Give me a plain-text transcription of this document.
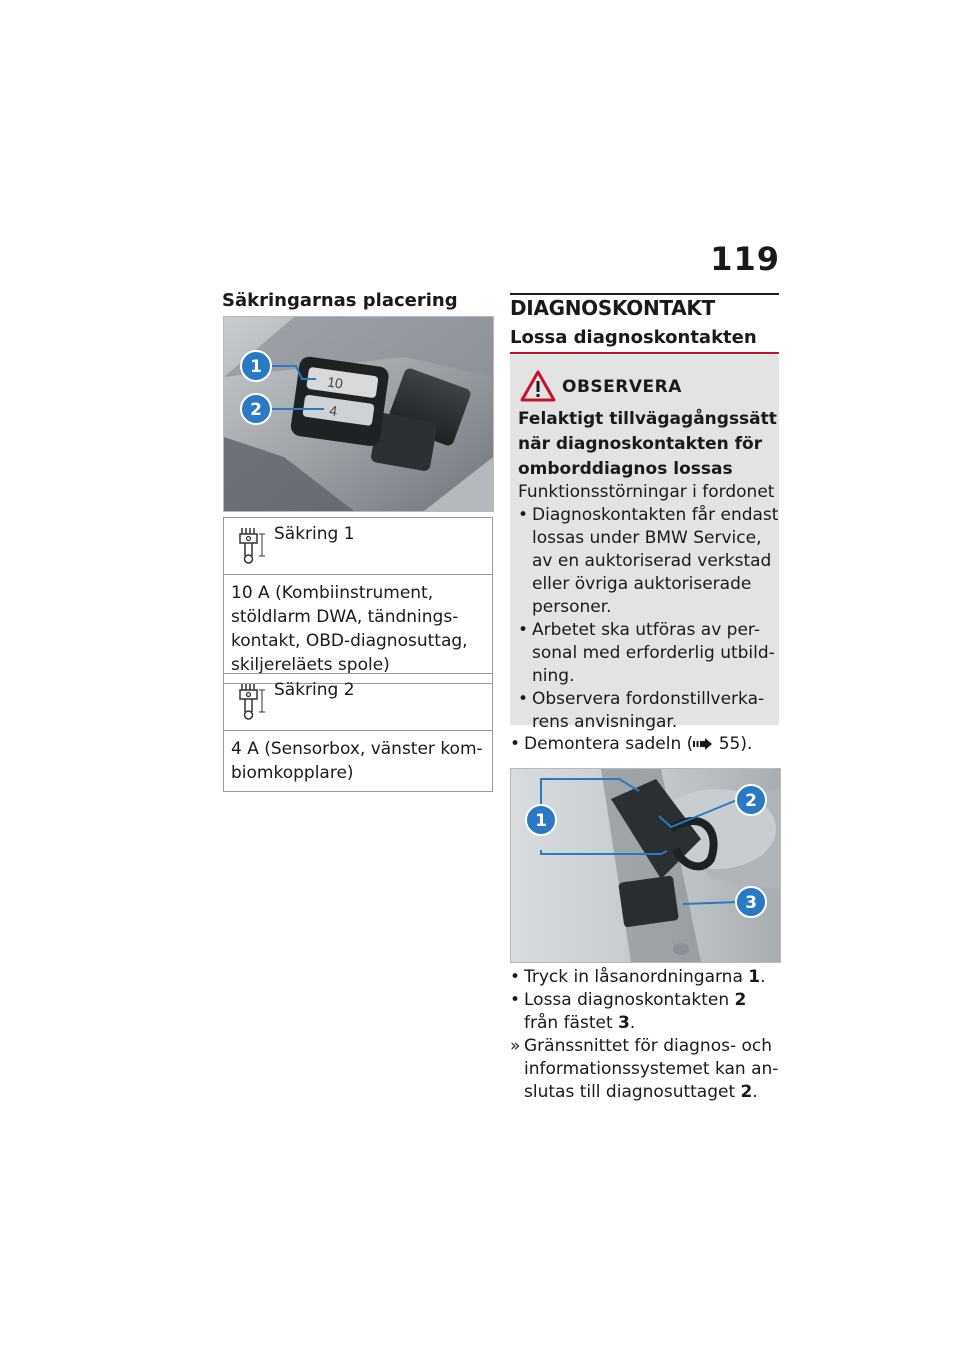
119
Säkringarnas placering
10
4
1
2
Säkring 1
10 A (Kombiinstrument, stöldlarm DWA, tändnings-kontakt, OBD-diagnosuttag, skiljereläets spole)
Säkring 2
4 A (Sensorbox, vänster kom-biomkopplare)
DIAGNOSKONTAKT
Lossa diagnoskontakten
OBSERVERA
Felaktigt tillvägagångssätt när diagnoskontakten för omborddiagnos lossas
Funktionsstörningar i fordonet
• Diagnoskontakten får endast lossas under BMW Service, av en auktoriserad verkstad eller övriga auktoriserade personer.
• Arbetet ska utföras av per-sonal med erforderlig utbild-ning.
• Observera fordonstillverka-rens anvisningar.
• Demontera sadeln ( 55).
1
2
3
• Tryck in låsanordningarna 1.
• Lossa diagnoskontakten 2 från fästet 3.
» Gränssnittet för diagnos- och informationssystemet kan an-slutas till diagnosuttaget 2.
